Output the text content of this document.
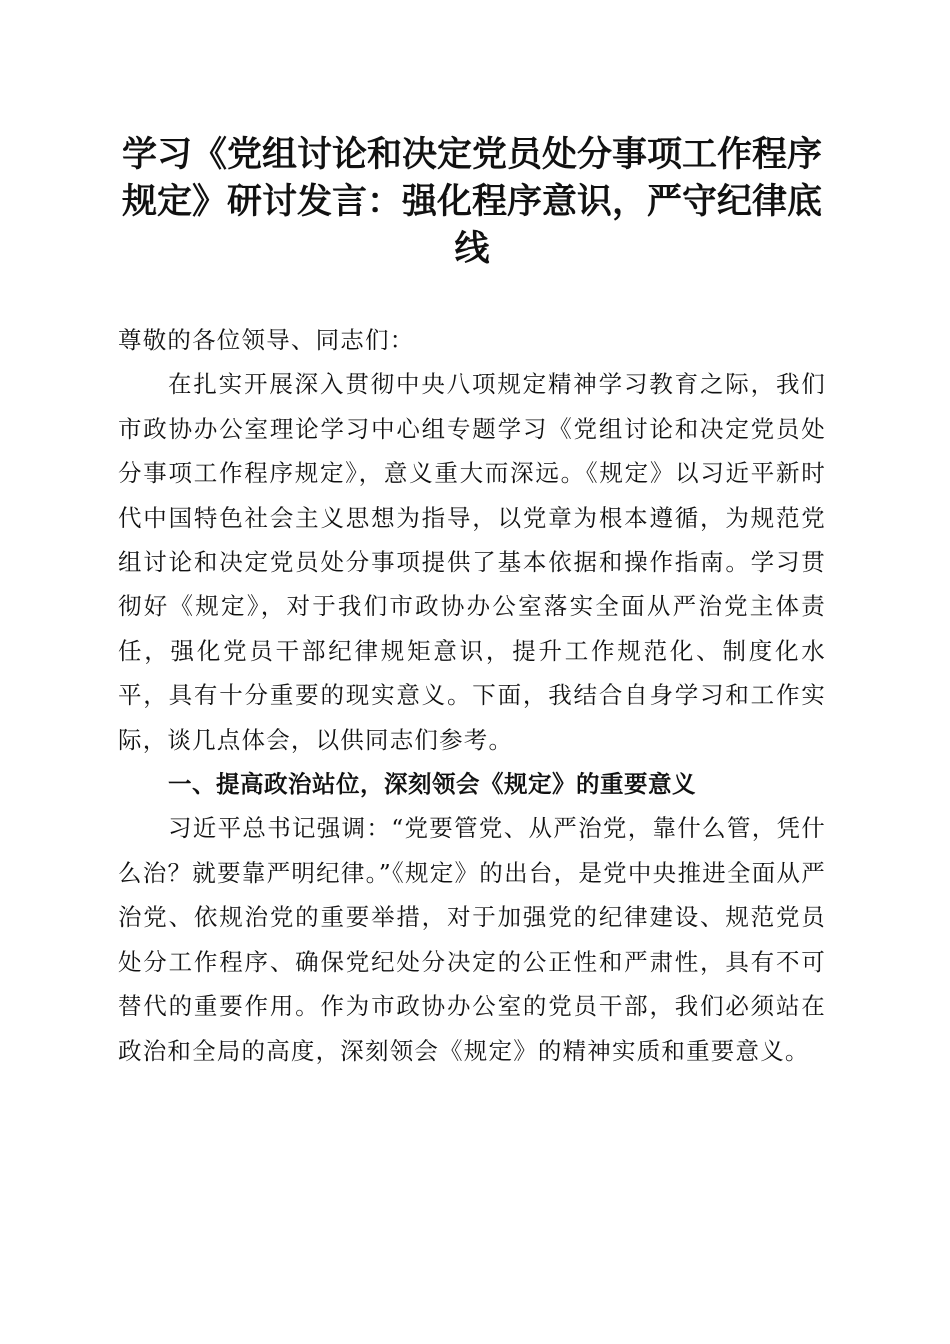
学习《党组讨论和决定党员处分事项工作程序规定》研讨发言：强化程序意识，严守纪律底线

尊敬的各位领导、同志们：

在扎实开展深入贯彻中央八项规定精神学习教育之际，我们市政协办公室理论学习中心组专题学习《党组讨论和决定党员处分事项工作程序规定》，意义重大而深远。《规定》以习近平新时代中国特色社会主义思想为指导，以党章为根本遵循，为规范党组讨论和决定党员处分事项提供了基本依据和操作指南。学习贯彻好《规定》，对于我们市政协办公室落实全面从严治党主体责任，强化党员干部纪律规矩意识，提升工作规范化、制度化水平，具有十分重要的现实意义。下面，我结合自身学习和工作实际，谈几点体会，以供同志们参考。

一、提高政治站位，深刻领会《规定》的重要意义

习近平总书记强调：“党要管党、从严治党，靠什么管，凭什么治？就要靠严明纪律。”《规定》的出台，是党中央推进全面从严治党、依规治党的重要举措，对于加强党的纪律建设、规范党员处分工作程序、确保党纪处分决定的公正性和严肃性，具有不可替代的重要作用。作为市政协办公室的党员干部，我们必须站在政治和全局的高度，深刻领会《规定》的精神实质和重要意义。
